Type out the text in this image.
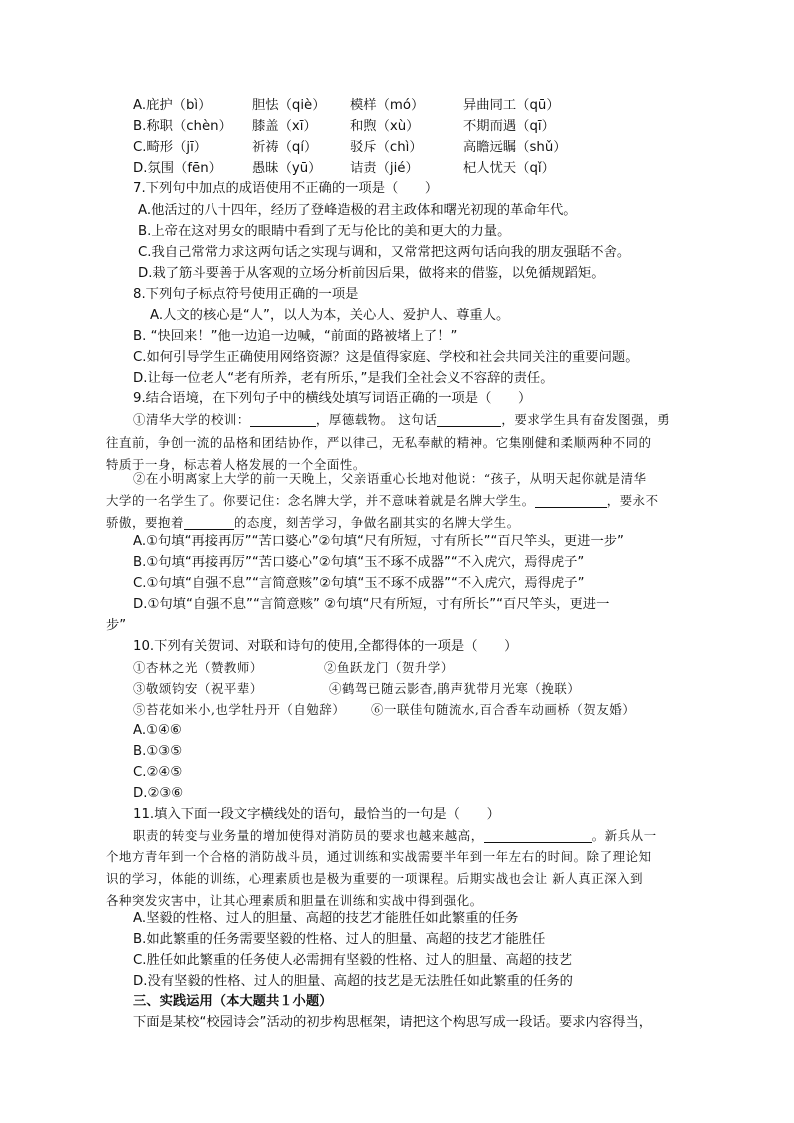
A.庇护（bì）	胆怯（qiè） 模样（mó）	异曲同工（qū）
B.称职（chèn） 膝盖（xī） 和煦（xù）	不期而遇（qī）
C.畸形（jī）	祈祷（qí） 驳斥（chì）	高瞻远瞩（shǔ）
D.氛围（fēn） 愚昧（yū） 诘责（jié）	杞人忧天（qǐ）
7.下列句中加点的成语使用不正确的一项是（　　）
A.他活过的八十四年，经历了登峰造极的君主政体和曙光初现的革命年代。
B.上帝在这对男女的眼睛中看到了无与伦比的美和更大的力量。
C.我自己常常力求这两句话之实现与调和，又常常把这两句话向我的朋友强聒不舍。
D.栽了筋斗要善于从客观的立场分析前因后果，做将来的借鉴，以免循规蹈矩。
8.下列句子标点符号使用正确的一项是
A.人文的核心是“人”，以人为本，关心人、爱护人、尊重人。
B. “快回来！”他一边追一边喊，“前面的路被堵上了！”
C.如何引导学生正确使用网络资源？这是值得家庭、学校和社会共同关注的重要问题。
D.让每一位老人“老有所养，老有所乐，”是我们全社会义不容辞的责任。
9.结合语境，在下列句子中的横线处填写词语正确的一项是（　　）
①清华大学的校训：	，厚德载物。 这句话	，要求学生具有奋发图强，勇
往直前，争创一流的品格和团结协作，严以律己，无私奉献的精神。它集刚健和柔顺两种不同的
特质于一身，标志着人格发展的一个全面性。
②在小明离家上大学的前一天晚上，父亲语重心长地对他说：“孩子，从明天起你就是清华
大学的一名学生了。你要记住：念名牌大学，并不意味着就是名牌大学生。	，要永不
骄傲，要抱着	的态度，刻苦学习，争做名副其实的名牌大学生。
A.①句填“再接再厉”“苦口婆心”②句填“尺有所短，寸有所长”“百尺竿头，更进一步”
B.①句填“再接再厉”“苦口婆心”②句填“玉不琢不成器”“不入虎穴，焉得虎子”
C.①句填“自强不息”“言简意赅”②句填“玉不琢不成器”“不入虎穴，焉得虎子”
D.①句填“自强不息”“言简意赅” ②句填“尺有所短，寸有所长”“百尺竿头，更进一
步”
10.下列有关贺词、对联和诗句的使用,全都得体的一项是（　　）
①杏林之光（赞教师）	②鱼跃龙门（贺升学）
③敬颂钧安（祝平辈）	④鹤驾已随云影杳,鹃声犹带月光寒（挽联）
⑤苔花如米小,也学牡丹开（自勉辞） ⑥一联佳句随流水,百合香车动画桥（贺友婚）
A.①④⑥
B.①③⑤
C.②④⑤
D.②③⑥
11.填入下面一段文字横线处的语句，最恰当的一句是（　　）
职责的转变与业务量的增加使得对消防员的要求也越来越高，	。新兵从一
个地方青年到一个合格的消防战斗员，通过训练和实战需要半年到一年左右的时间。除了理论知
识的学习，体能的训练，心理素质也是极为重要的一项课程。后期实战也会让 新人真正深入到
各种突发灾害中，让其心理素质和胆量在训练和实战中得到强化。
A.坚毅的性格、过人的胆量、高超的技艺才能胜任如此繁重的任务
B.如此繁重的任务需要坚毅的性格、过人的胆量、高超的技艺才能胜任
C.胜任如此繁重的任务使人必需拥有坚毅的性格、过人的胆量、高超的技艺
D.没有坚毅的性格、过人的胆量、高超的技艺是无法胜任如此繁重的任务的
三、实践运用（本大题共１小题）
下面是某校“校园诗会”活动的初步构思框架，请把这个构思写成一段话。要求内容得当，
